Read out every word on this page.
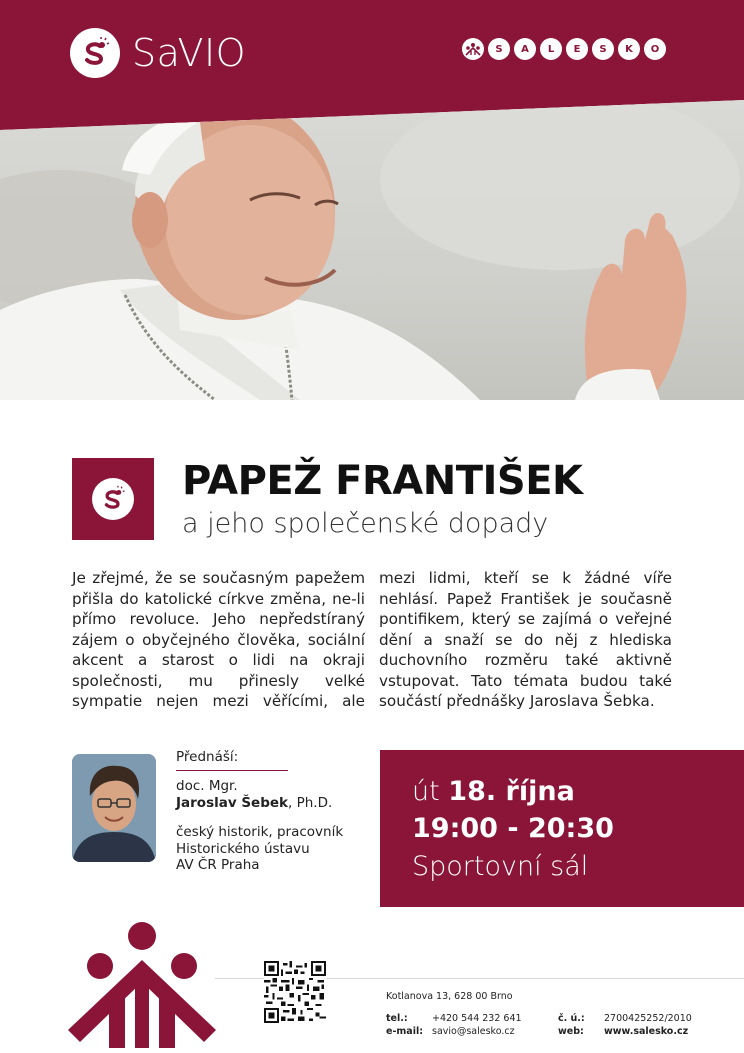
SaVIO	S	A	L	E	S	K	O
PAPEŽ FRANTIŠEK
a jeho společenské dopady
Je zřejmé, že se současným papežem přišla do katolické církve změna, ne-li přímo revoluce. Jeho nepředstíraný zájem o obyčejného člověka, sociální akcent a starost o lidi na okraji společnosti, mu přinesly velké sympatie nejen mezi věřícími, ale mezi lidmi, kteří se k žádné víře nehlásí. Papež František je současně pontifikem, který se zajímá o veřejné dění a snaží se do něj z hlediska duchovního rozměru také aktivně vstupovat. Tato témata budou také součástí přednášky Jaroslava Šebka.
Přednáší:
doc. Mgr.
Jaroslav Šebek, Ph.D.
český historik, pracovník
Historického ústavu
AV ČR Praha
út 18. října
19:00 - 20:30
Sportovní sál
Kotlanova 13, 628 00 Brno
tel.:	+420 544 232 641
e-mail: savio@salesko.cz
č. ú.: 2700425252/2010
web: www.salesko.cz
